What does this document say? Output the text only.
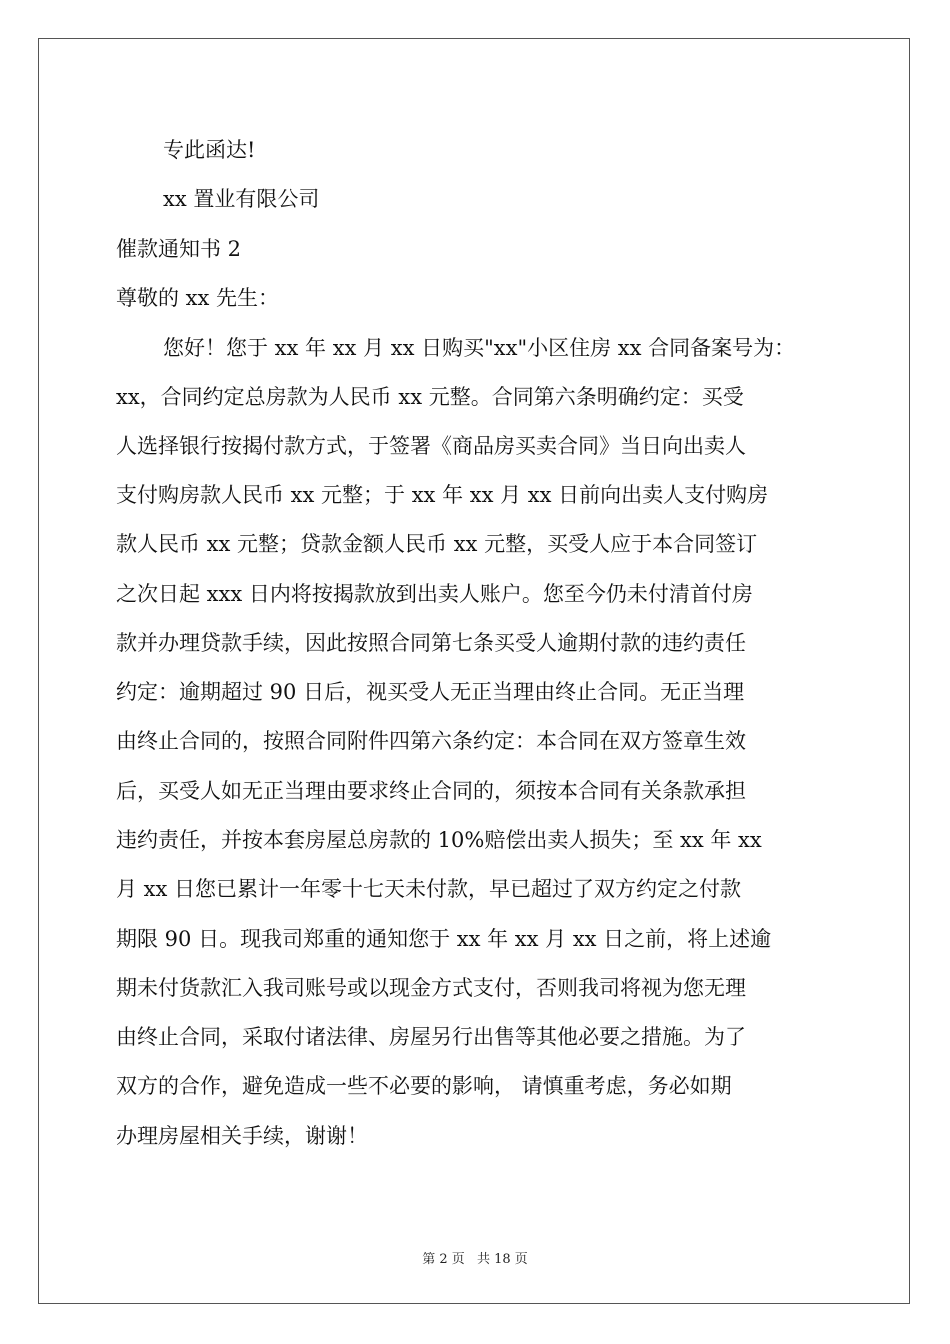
专此函达!
xx 置业有限公司
催款通知书 2
尊敬的 xx 先生：
您好！您于 xx 年 xx 月 xx 日购买"xx"小区住房 xx 合同备案号为：
xx，合同约定总房款为人民币 xx 元整。合同第六条明确约定：买受
人选择银行按揭付款方式，于签署《商品房买卖合同》当日向出卖人
支付购房款人民币 xx 元整；于 xx 年 xx 月 xx 日前向出卖人支付购房
款人民币 xx 元整；贷款金额人民币 xx 元整，买受人应于本合同签订
之次日起 xxx 日内将按揭款放到出卖人账户。您至今仍未付清首付房
款并办理贷款手续，因此按照合同第七条买受人逾期付款的违约责任
约定：逾期超过 90 日后，视买受人无正当理由终止合同。无正当理
由终止合同的，按照合同附件四第六条约定：本合同在双方签章生效
后，买受人如无正当理由要求终止合同的，须按本合同有关条款承担
违约责任，并按本套房屋总房款的 10%赔偿出卖人损失；至 xx 年 xx
月 xx 日您已累计一年零十七天未付款，早已超过了双方约定之付款
期限 90 日。现我司郑重的通知您于 xx 年 xx 月 xx 日之前，将上述逾
期未付货款汇入我司账号或以现金方式支付，否则我司将视为您无理
由终止合同，采取付诸法律、房屋另行出售等其他必要之措施。为了
双方的合作，避免造成一些不必要的影响， 请慎重考虑，务必如期
办理房屋相关手续，谢谢！
第 2 页 共 18 页
